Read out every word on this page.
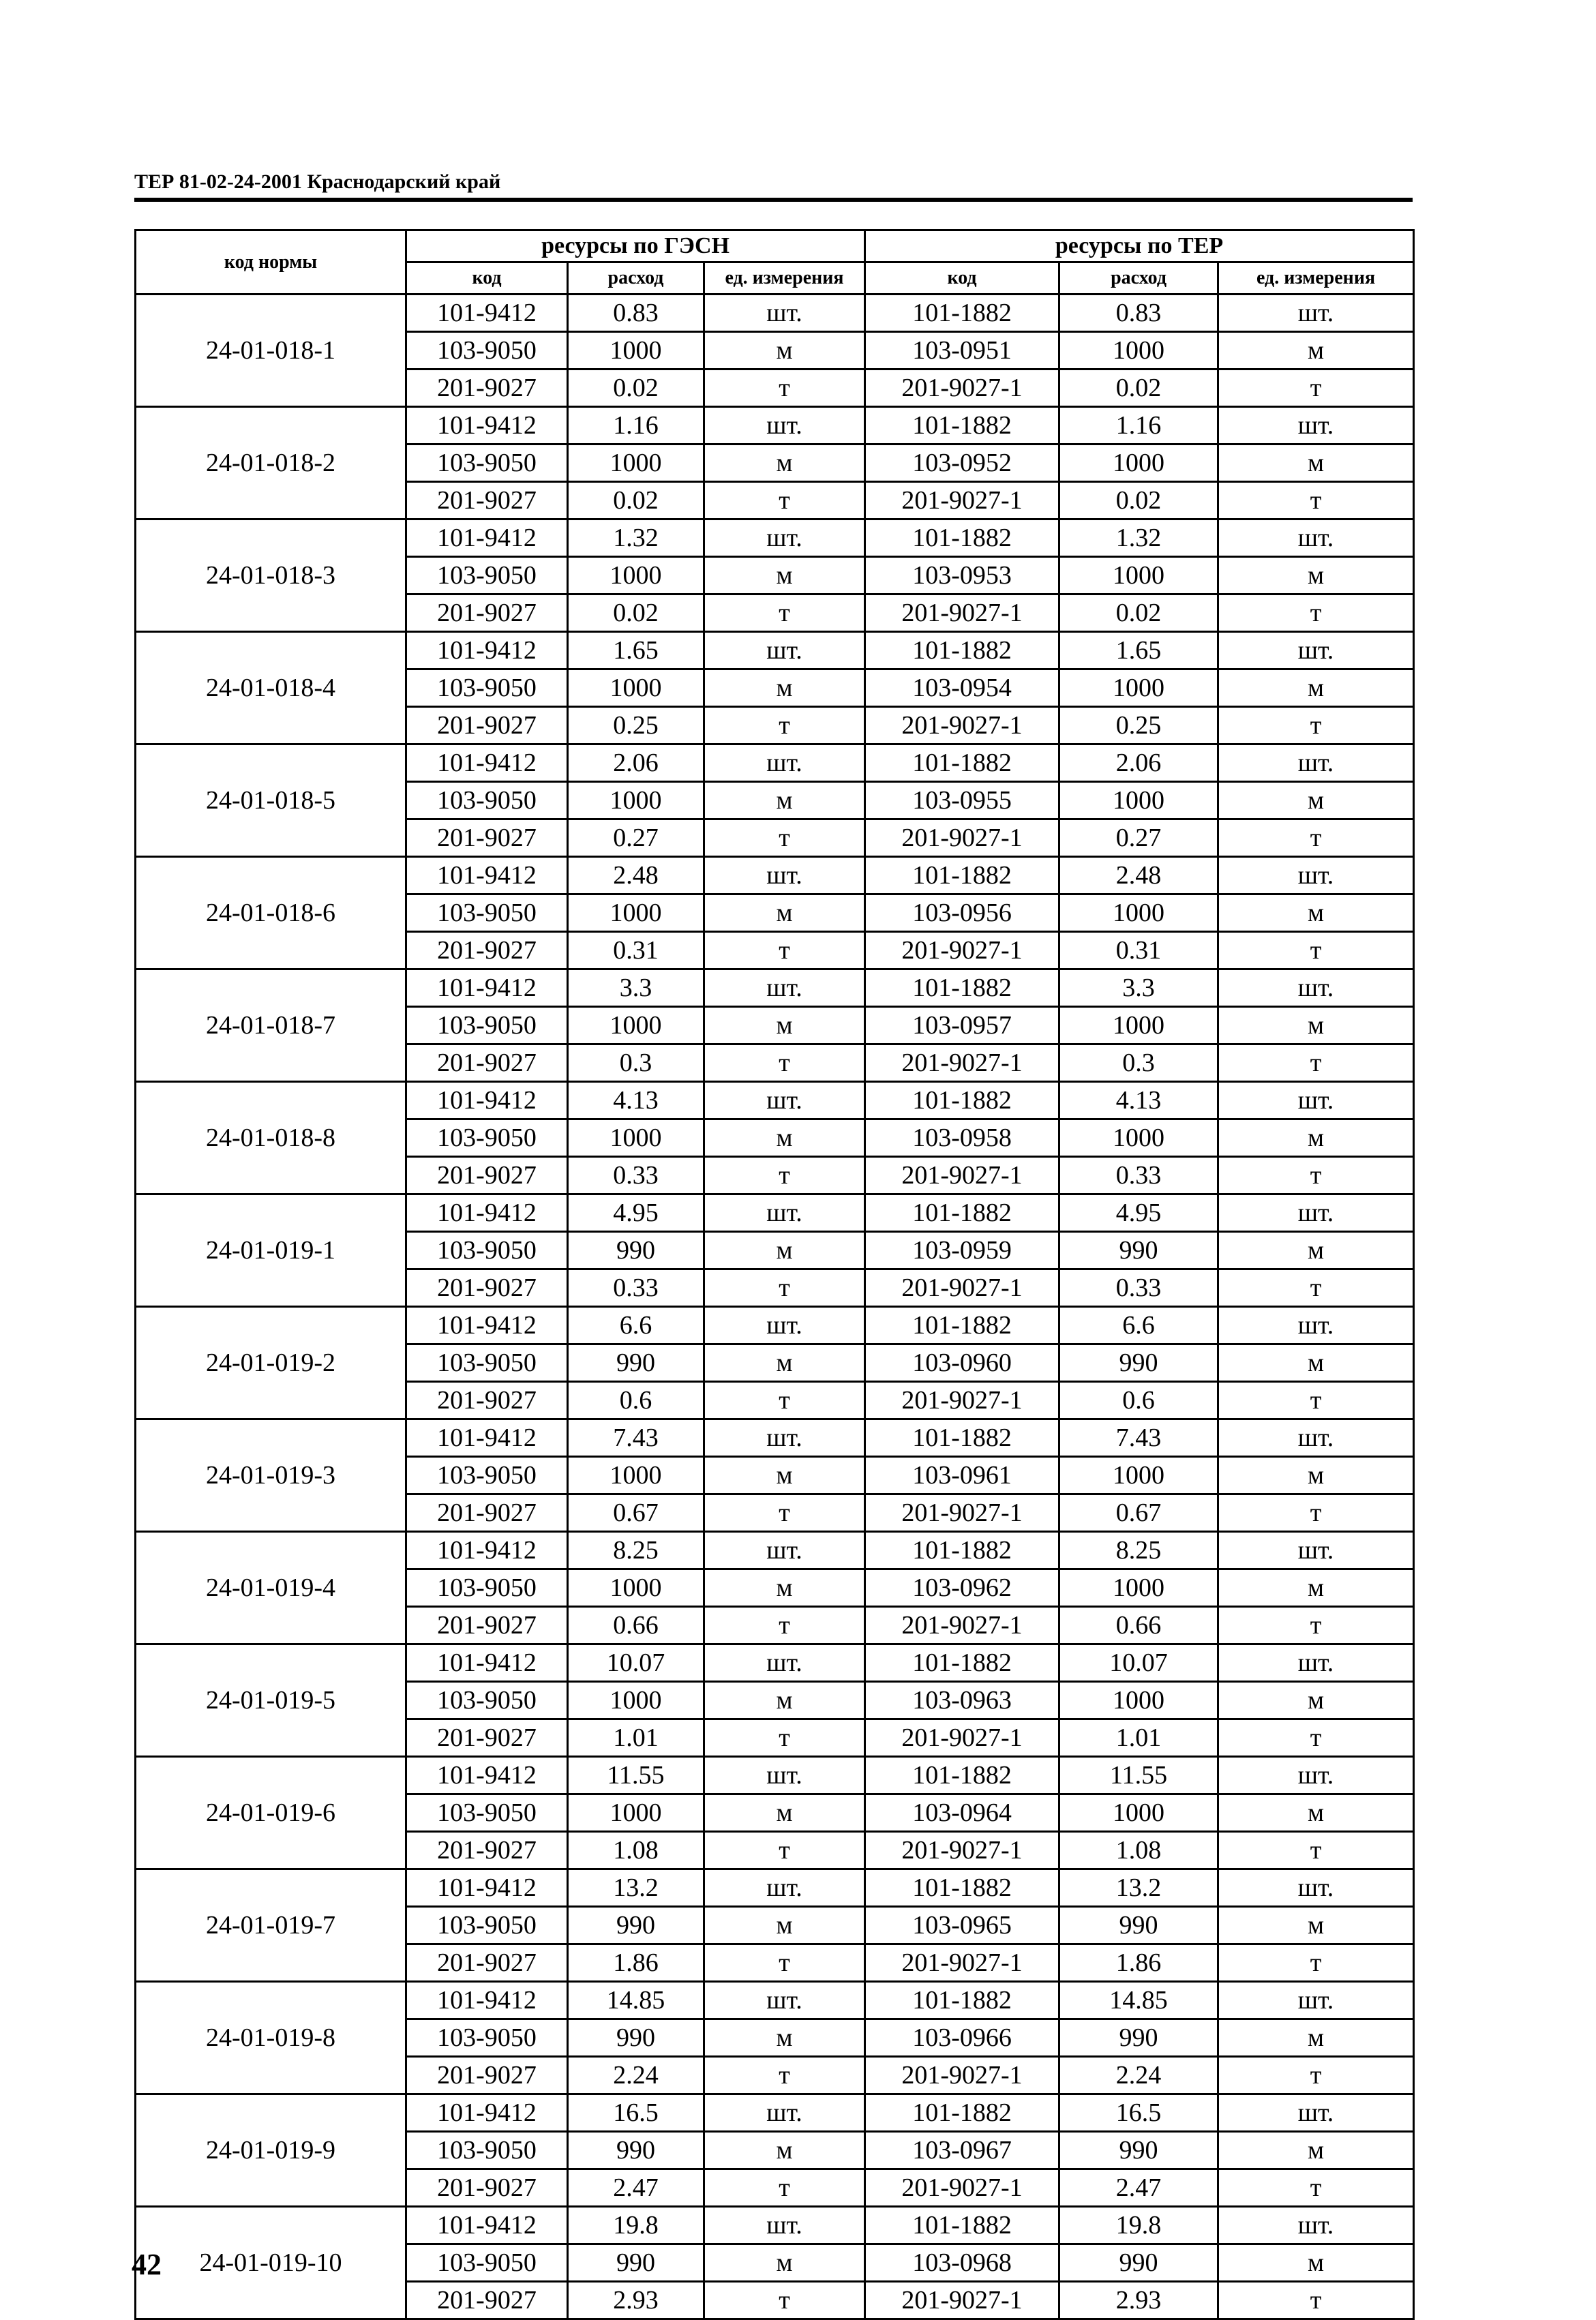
ТЕР 81-02-24-2001 Краснодарский край
код нормы	ресурсы по ГЭСН			ресурсы по ТЕР		
	код	расход	ед. измерения	код	расход	ед. измерения
24-01-018-1	101-9412	0.83	шт.	101-1882	0.83	шт.
	103-9050	1000	м	103-0951	1000	м
	201-9027	0.02	т	201-9027-1	0.02	т
24-01-018-2	101-9412	1.16	шт.	101-1882	1.16	шт.
	103-9050	1000	м	103-0952	1000	м
	201-9027	0.02	т	201-9027-1	0.02	т
24-01-018-3	101-9412	1.32	шт.	101-1882	1.32	шт.
	103-9050	1000	м	103-0953	1000	м
	201-9027	0.02	т	201-9027-1	0.02	т
24-01-018-4	101-9412	1.65	шт.	101-1882	1.65	шт.
	103-9050	1000	м	103-0954	1000	м
	201-9027	0.25	т	201-9027-1	0.25	т
24-01-018-5	101-9412	2.06	шт.	101-1882	2.06	шт.
	103-9050	1000	м	103-0955	1000	м
	201-9027	0.27	т	201-9027-1	0.27	т
24-01-018-6	101-9412	2.48	шт.	101-1882	2.48	шт.
	103-9050	1000	м	103-0956	1000	м
	201-9027	0.31	т	201-9027-1	0.31	т
24-01-018-7	101-9412	3.3	шт.	101-1882	3.3	шт.
	103-9050	1000	м	103-0957	1000	м
	201-9027	0.3	т	201-9027-1	0.3	т
24-01-018-8	101-9412	4.13	шт.	101-1882	4.13	шт.
	103-9050	1000	м	103-0958	1000	м
	201-9027	0.33	т	201-9027-1	0.33	т
24-01-019-1	101-9412	4.95	шт.	101-1882	4.95	шт.
	103-9050	990	м	103-0959	990	м
	201-9027	0.33	т	201-9027-1	0.33	т
24-01-019-2	101-9412	6.6	шт.	101-1882	6.6	шт.
	103-9050	990	м	103-0960	990	м
	201-9027	0.6	т	201-9027-1	0.6	т
24-01-019-3	101-9412	7.43	шт.	101-1882	7.43	шт.
	103-9050	1000	м	103-0961	1000	м
	201-9027	0.67	т	201-9027-1	0.67	т
24-01-019-4	101-9412	8.25	шт.	101-1882	8.25	шт.
	103-9050	1000	м	103-0962	1000	м
	201-9027	0.66	т	201-9027-1	0.66	т
24-01-019-5	101-9412	10.07	шт.	101-1882	10.07	шт.
	103-9050	1000	м	103-0963	1000	м
	201-9027	1.01	т	201-9027-1	1.01	т
24-01-019-6	101-9412	11.55	шт.	101-1882	11.55	шт.
	103-9050	1000	м	103-0964	1000	м
	201-9027	1.08	т	201-9027-1	1.08	т
24-01-019-7	101-9412	13.2	шт.	101-1882	13.2	шт.
	103-9050	990	м	103-0965	990	м
	201-9027	1.86	т	201-9027-1	1.86	т
24-01-019-8	101-9412	14.85	шт.	101-1882	14.85	шт.
	103-9050	990	м	103-0966	990	м
	201-9027	2.24	т	201-9027-1	2.24	т
24-01-019-9	101-9412	16.5	шт.	101-1882	16.5	шт.
	103-9050	990	м	103-0967	990	м
	201-9027	2.47	т	201-9027-1	2.47	т
24-01-019-10	101-9412	19.8	шт.	101-1882	19.8	шт.
	103-9050	990	м	103-0968	990	м
	201-9027	2.93	т	201-9027-1	2.93	т
42
